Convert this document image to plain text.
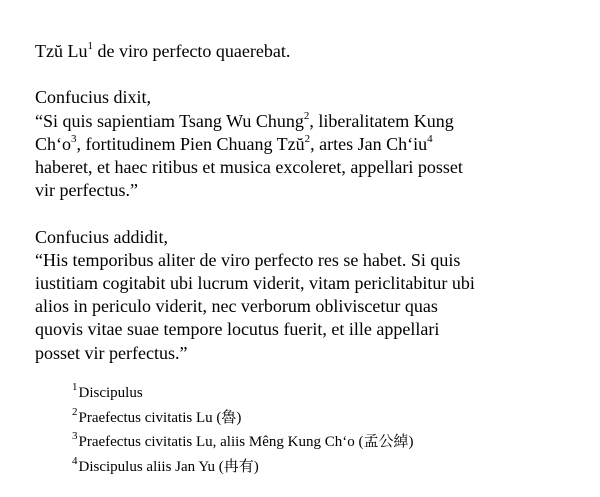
Tzŭ Lu$^1$ de viro perfecto quaerebat.
Confucius dixit,
“Si quis sapientiam Tsang Wu Chung$^2$, liberalitatem Kung
$Ch‘o^3$, fortitudinem Pien Chuang Tzŭ$^2$, artes Jan $Ch‘iu^4$
haberet, et haec ritibus et musica excoleret, appellari posset
vir perfectus.”
Confucius addidit,
“His temporibus aliter de viro perfecto res se habet. Si quis
iustitiam cogitabit ubi lucrum viderit, vitam periclitabitur ubi
alios in periculo viderit, nec verborum obliviscetur quas
quovis vitae suae tempore locutus fuerit, et ille appellari
posset vir perfectus.”
$^1$Discipulus
$^2$Praefectus civitatis Lu (魯)
$^3$Praefectus civitatis Lu, aliis Mêng Kung Ch‘o (孟公綽)
$^4$Discipulus aliis Jan Yu (冉有)
